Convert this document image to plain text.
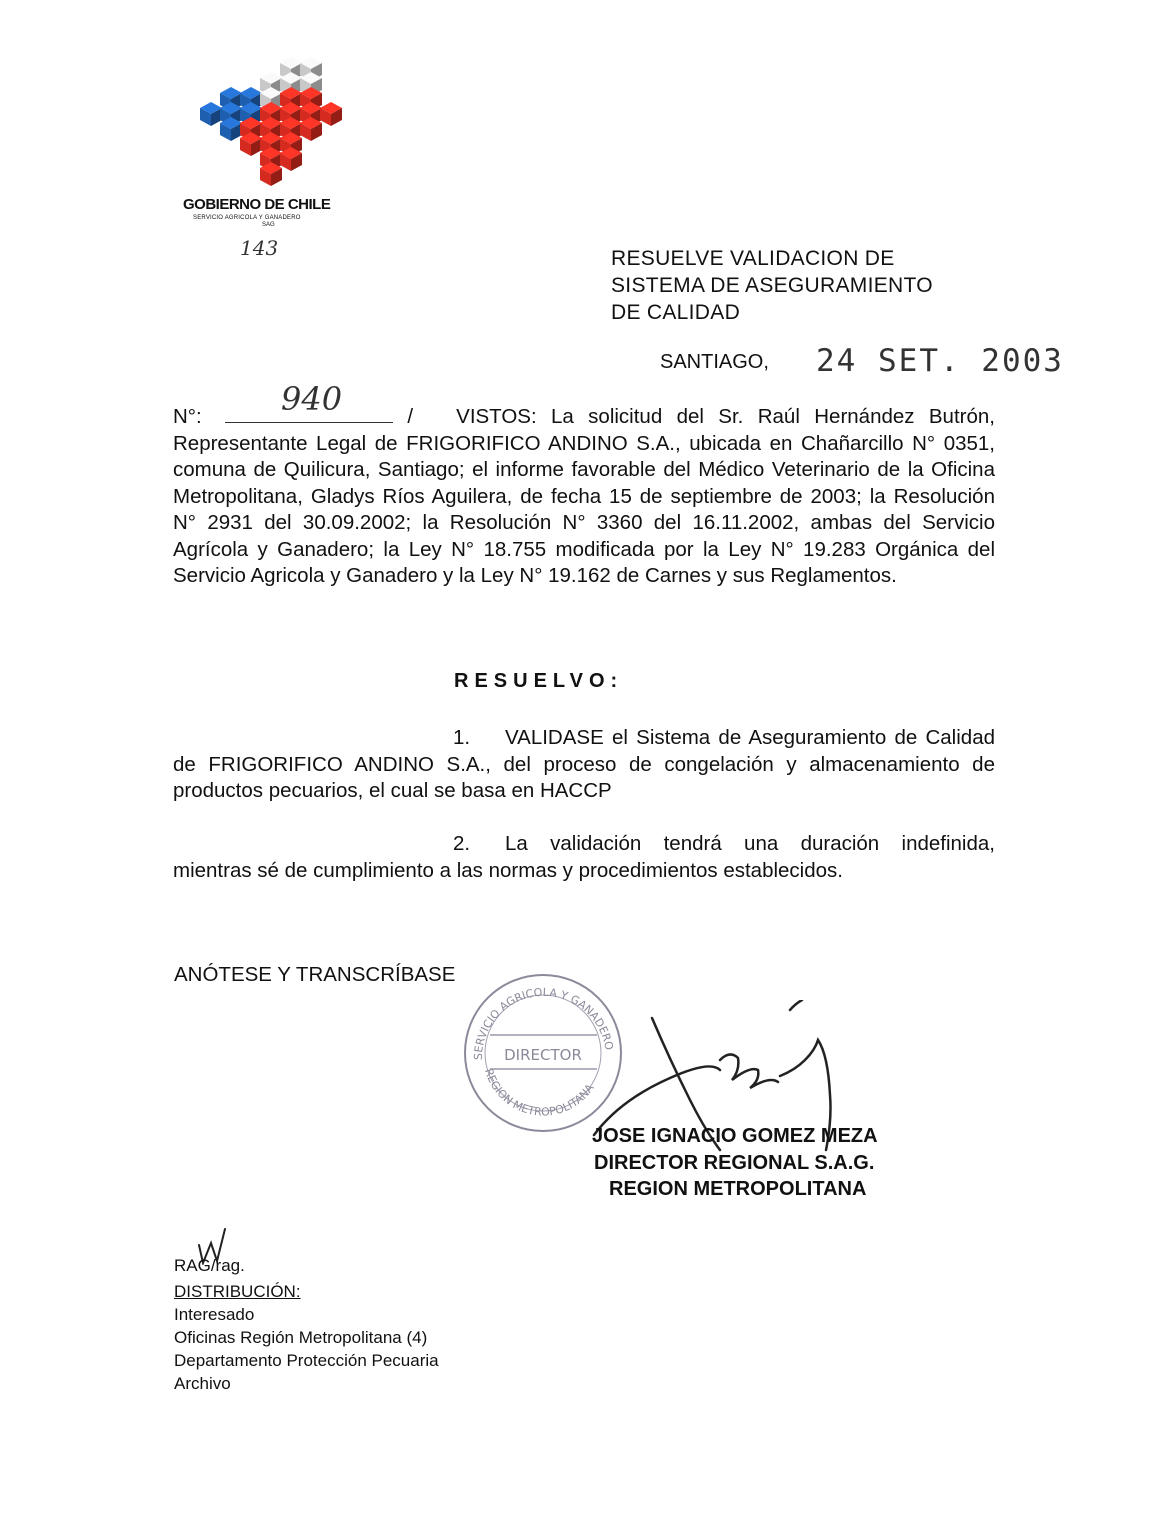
GOBIERNO DE CHILE
SERVICIO AGRICOLA Y GANADERO
SAG
143	RESUELVE VALIDACION DE
SISTEMA DE ASEGURAMIENTO
DE CALIDAD
SANTIAGO, 24 SET. 2003
N°: 940	/ VISTOS: La solicitud del Sr. Raúl Hernández Butrón, Representante Legal de FRIGORIFICO ANDINO S.A., ubicada en Chañarcillo N° 0351, comuna de Quilicura, Santiago; el informe favorable del Médico Veterinario de la Oficina Metropolitana, Gladys Ríos Aguilera, de fecha 15 de septiembre de 2003; la Resolución N° 2931 del 30.09.2002; la Resolución N° 3360 del 16.11.2002, ambas del Servicio Agrícola y Ganadero; la Ley N° 18.755 modificada por la Ley N° 19.283 Orgánica del Servicio Agricola y Ganadero y la Ley N° 19.162 de Carnes y sus Reglamentos.
RESUELVO:
1. VALIDASE el Sistema de Aseguramiento de Calidad de FRIGORIFICO ANDINO S.A., del proceso de congelación y almacenamiento de productos pecuarios, el cual se basa en HACCP
2. La validación tendrá una duración indefinida, mientras sé de cumplimiento a las normas y procedimientos establecidos.
ANÓTESE Y TRANSCRÍBASE
SERVICIO AGRICOLA Y GANADERO
REGION METROPOLITANA
DIRECTOR
JOSE IGNACIO GOMEZ MEZA
DIRECTOR REGIONAL S.A.G.
REGION METROPOLITANA
RAG/rag.
DISTRIBUCIÓN:
Interesado
Oficinas Región Metropolitana (4)
Departamento Protección Pecuaria
Archivo
